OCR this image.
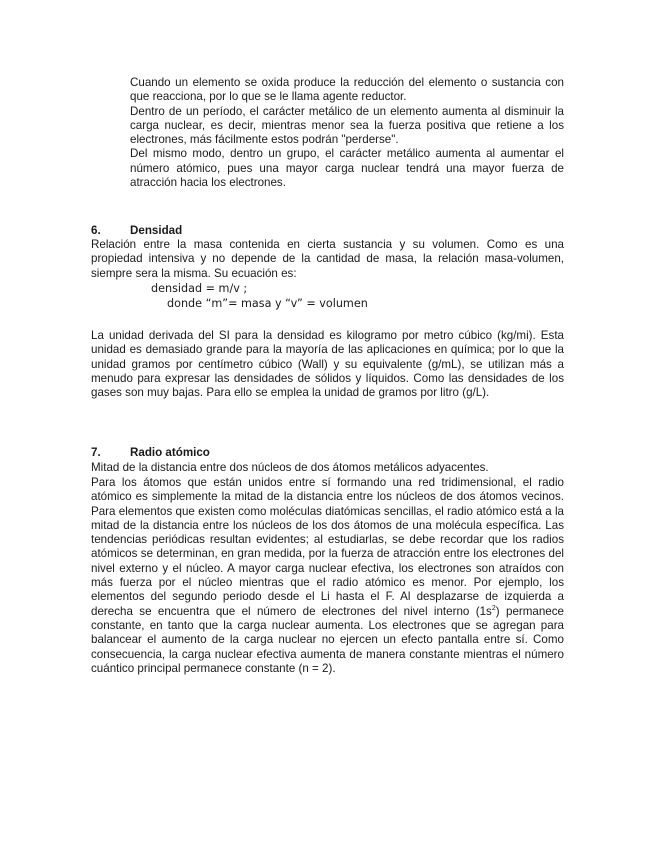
Cuando un elemento se oxida produce la reducción del elemento o sustancia con que reacciona, por lo que se le llama agente reductor.

Dentro de un período, el carácter metálico de un elemento aumenta al disminuir la carga nuclear, es decir, mientras menor sea la fuerza positiva que retiene a los electrones, más fácilmente estos podrán "perderse".

Del mismo modo, dentro un grupo, el carácter metálico aumenta al aumentar el número atómico, pues una mayor carga nuclear tendrá una mayor fuerza de atracción hacia los electrones.

6.	Densidad

Relación entre la masa contenida en cierta sustancia y su volumen. Como es una propiedad intensiva y no depende de la cantidad de masa, la relación masa-volumen, siempre sera la misma. Su ecuación es:

densidad = m/v ;
donde “m”= masa y “v” = volumen

La unidad derivada del SI para la densidad es kilogramo por metro cúbico (kg/mi). Esta unidad es demasiado grande para la mayoría de las aplicaciones en química; por lo que la unidad gramos por centímetro cúbico (Wall) y su equivalente (g/mL), se utilizan más a menudo para expresar las densidades de sólidos y líquidos. Como las densidades de los gases son muy bajas. Para ello se emplea la unidad de gramos por litro (g/L).

7.	Radio atómico

Mitad de la distancia entre dos núcleos de dos átomos metálicos adyacentes.

Para los átomos que están unidos entre sí formando una red tridimensional, el radio atómico es simplemente la mitad de la distancia entre los núcleos de dos átomos vecinos. Para elementos que existen como moléculas diatómicas sencillas, el radio atómico está a la mitad de la distancia entre los núcleos de los dos átomos de una molécula específica. Las tendencias periódicas resultan evidentes; al estudiarlas, se debe recordar que los radios atómicos se determinan, en gran medida, por la fuerza de atracción entre los electrones del nivel externo y el núcleo. A mayor carga nuclear efectiva, los electrones son atraídos con más fuerza por el núcleo mientras que el radio atómico es menor. Por ejemplo, los elementos del segundo periodo desde el Li hasta el F. Al desplazarse de izquierda a derecha se encuentra que el número de electrones del nivel interno $(1s^2)$ permanece constante, en tanto que la carga nuclear aumenta. Los electrones que se agregan para balancear el aumento de la carga nuclear no ejercen un efecto pantalla entre sí. Como consecuencia, la carga nuclear efectiva aumenta de manera constante mientras el número cuántico principal permanece constante (n = 2).
